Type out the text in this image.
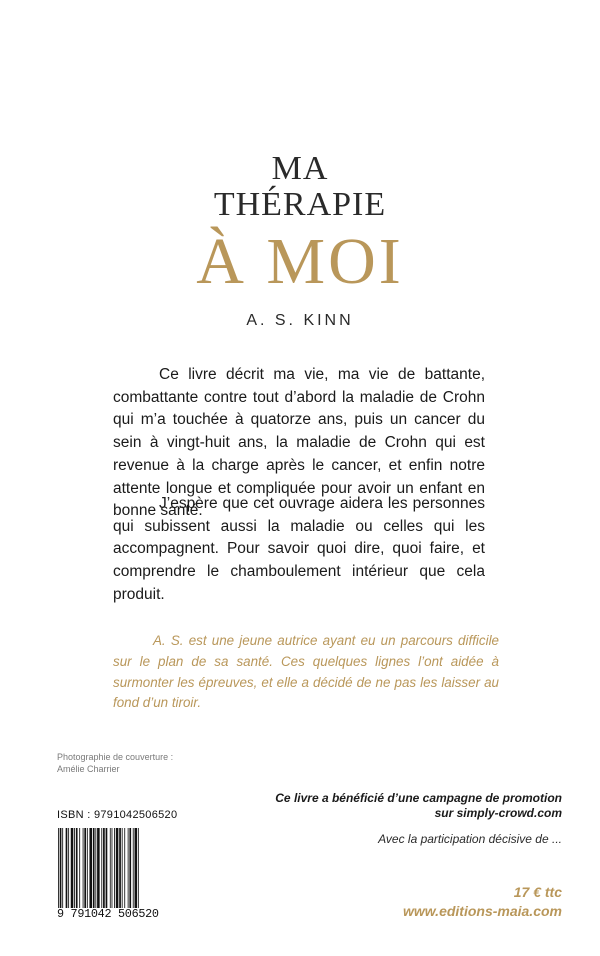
MA
THÉRAPIE
À MOI
A. S. KINN

Ce livre décrit ma vie, ma vie de battante, combattante contre tout d’abord la maladie de Crohn qui m’a touchée à quatorze ans, puis un cancer du sein à vingt-huit ans, la maladie de Crohn qui est revenue à la charge après le cancer, et enfin notre attente longue et compliquée pour avoir un enfant en bonne santé.

J’espère que cet ouvrage aidera les personnes qui subissent aussi la maladie ou celles qui les accompagnent. Pour savoir quoi dire, quoi faire, et comprendre le chamboulement intérieur que cela produit.

A. S. est une jeune autrice ayant eu un parcours difficile sur le plan de sa santé. Ces quelques lignes l’ont aidée à surmonter les épreuves, et elle a décidé de ne pas les laisser au fond d’un tiroir.

Photographie de couverture :
Amélie Charrier
ISBN : 9791042506520
9 791042 506520
Ce livre a bénéficié d’une campagne de promotion
sur simply-crowd.com
Avec la participation décisive de ...
17 € ttc
www.editions-maia.com
